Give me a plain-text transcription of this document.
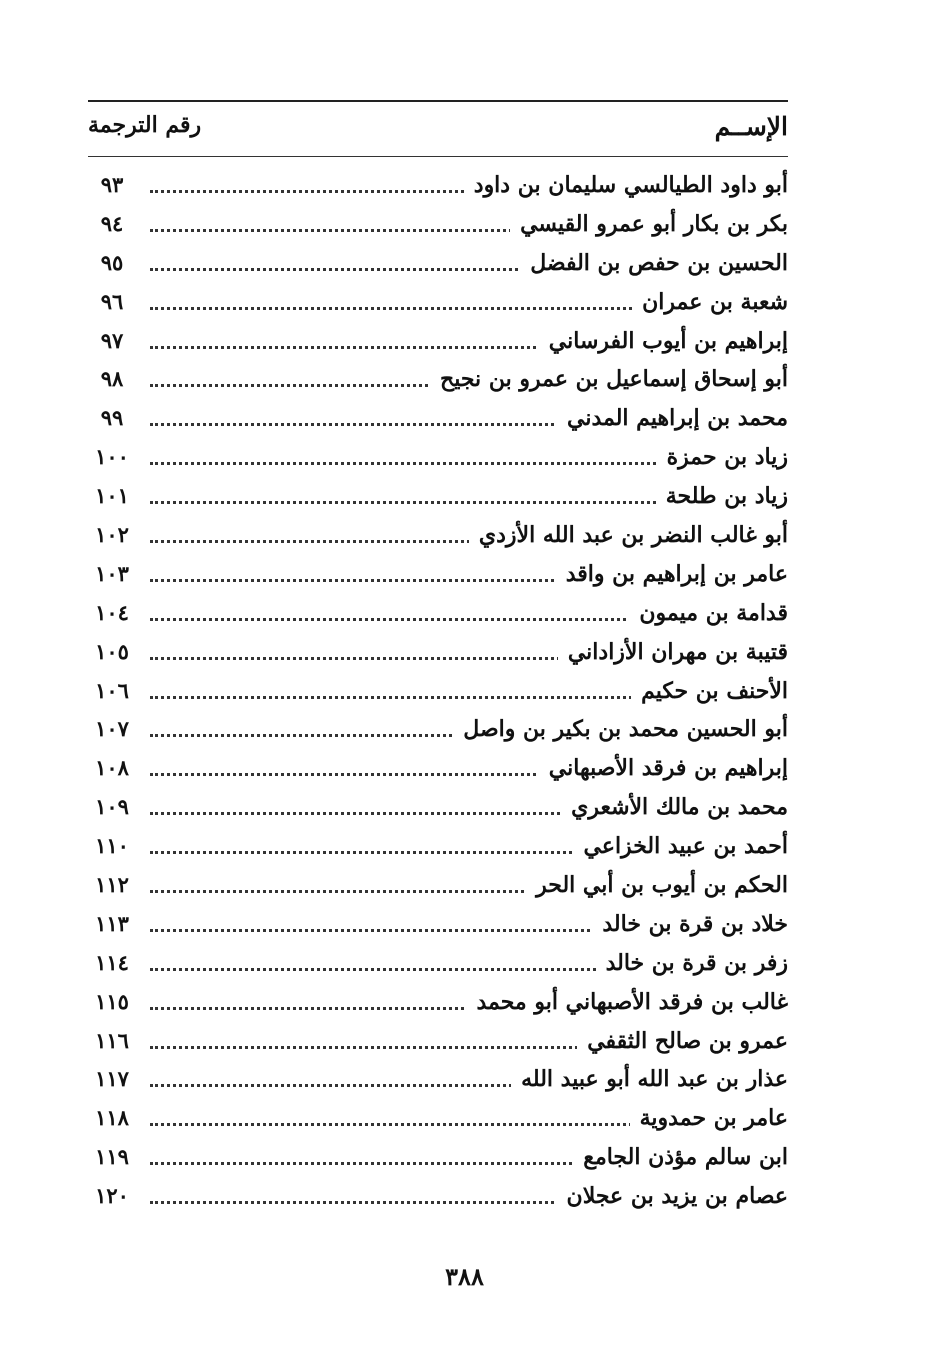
الإســم
رقم الترجمة
أبو داود الطيالسي سليمان بن داود
٩٣
بكر بن بكار أبو عمرو القيسي
٩٤
الحسين بن حفص بن الفضل
٩٥
شعبة بن عمران
٩٦
إبراهيم بن أيوب الفرساني
٩٧
أبو إسحاق إسماعيل بن عمرو بن نجيح
٩٨
محمد بن إبراهيم المدني
٩٩
زياد بن حمزة
١٠٠
زياد بن طلحة
١٠١
أبو غالب النضر بن عبد الله الأزدي
١٠٢
عامر بن إبراهيم بن واقد
١٠٣
قدامة بن ميمون
١٠٤
قتيبة بن مهران الأزاداني
١٠٥
الأحنف بن حكيم
١٠٦
أبو الحسين محمد بن بكير بن واصل
١٠٧
إبراهيم بن فرقد الأصبهاني
١٠٨
محمد بن مالك الأشعري
١٠٩
أحمد بن عبيد الخزاعي
١١٠
الحكم بن أيوب بن أبي الحر
١١٢
خلاد بن قرة بن خالد
١١٣
زفر بن قرة بن خالد
١١٤
غالب بن فرقد الأصبهاني أبو محمد
١١٥
عمرو بن صالح الثقفي
١١٦
عذار بن عبد الله أبو عبيد الله
١١٧
عامر بن حمدوية
١١٨
ابن سالم مؤذن الجامع
١١٩
عصام بن يزيد بن عجلان
١٢٠
٣٨٨
